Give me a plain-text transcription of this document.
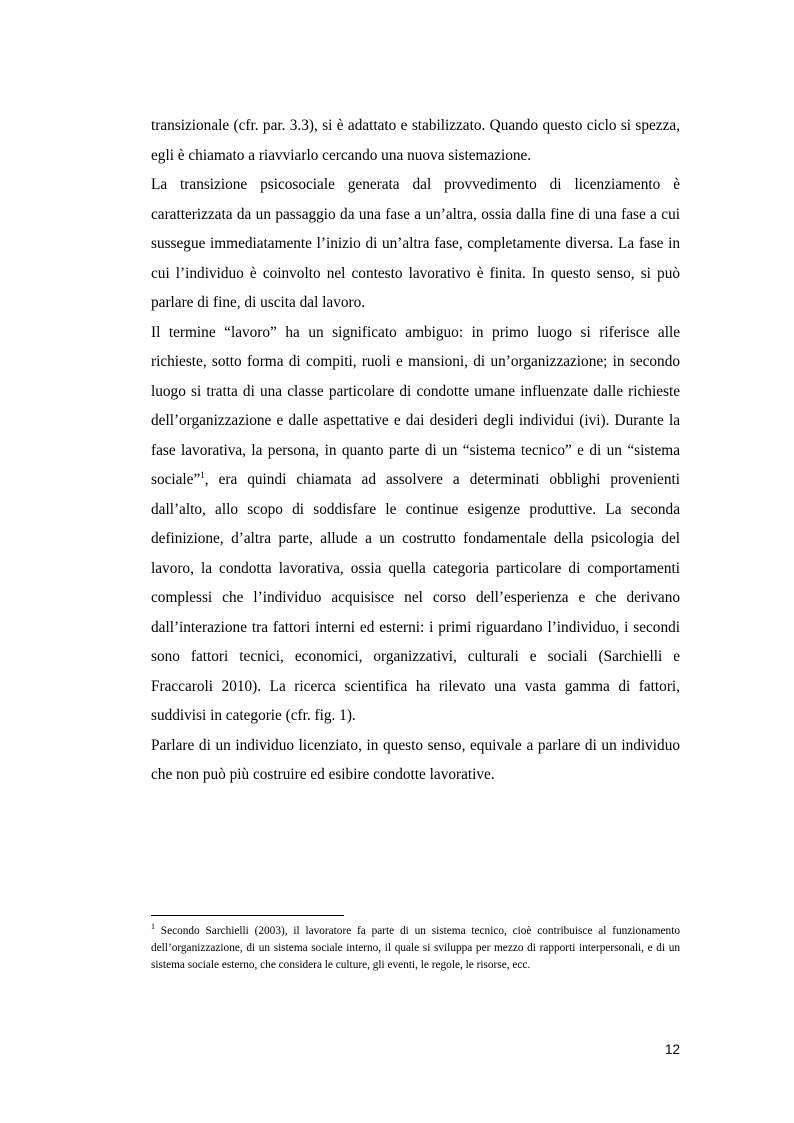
transizionale (cfr. par. 3.3), si è adattato e stabilizzato. Quando questo ciclo si spezza, egli è chiamato a riavviarlo cercando una nuova sistemazione.

La transizione psicosociale generata dal provvedimento di licenziamento è caratterizzata da un passaggio da una fase a un’altra, ossia dalla fine di una fase a cui sussegue immediatamente l’inizio di un’altra fase, completamente diversa. La fase in cui l’individuo è coinvolto nel contesto lavorativo è finita. In questo senso, si può parlare di fine, di uscita dal lavoro.

Il termine “lavoro” ha un significato ambiguo: in primo luogo si riferisce alle richieste, sotto forma di compiti, ruoli e mansioni, di un’organizzazione; in secondo luogo si tratta di una classe particolare di condotte umane influenzate dalle richieste dell’organizzazione e dalle aspettative e dai desideri degli individui (ivi). Durante la fase lavorativa, la persona, in quanto parte di un “sistema tecnico” e di un “sistema sociale”$^1$, era quindi chiamata ad assolvere a determinati obblighi provenienti dall’alto, allo scopo di soddisfare le continue esigenze produttive. La seconda definizione, d’altra parte, allude a un costrutto fondamentale della psicologia del lavoro, la condotta lavorativa, ossia quella categoria particolare di comportamenti complessi che l’individuo acquisisce nel corso dell’esperienza e che derivano dall’interazione tra fattori interni ed esterni: i primi riguardano l’individuo, i secondi sono fattori tecnici, economici, organizzativi, culturali e sociali (Sarchielli e Fraccaroli 2010). La ricerca scientifica ha rilevato una vasta gamma di fattori, suddivisi in categorie (cfr. fig. 1).

Parlare di un individuo licenziato, in questo senso, equivale a parlare di un individuo che non può più costruire ed esibire condotte lavorative.

$^1$ Secondo Sarchielli (2003), il lavoratore fa parte di un sistema tecnico, cioè contribuisce al funzionamento dell’organizzazione, di un sistema sociale interno, il quale si sviluppa per mezzo di rapporti interpersonali, e di un sistema sociale esterno, che considera le culture, gli eventi, le regole, le risorse, ecc.
12
